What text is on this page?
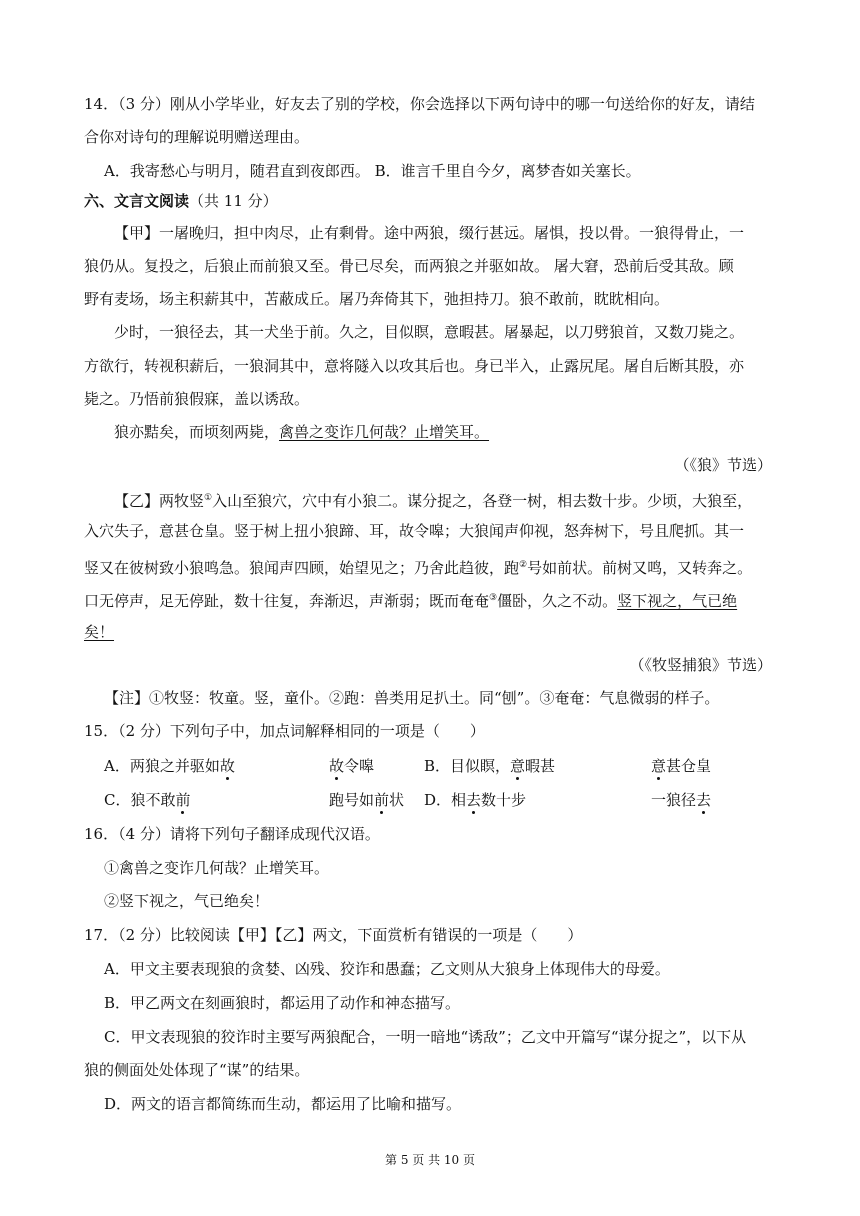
14．（3 分）刚从小学毕业，好友去了别的学校，你会选择以下两句诗中的哪一句送给你的好友，请结
合你对诗句的理解说明赠送理由。
A．我寄愁心与明月，随君直到夜郎西。 B．谁言千里自今夕，离梦杳如关塞长。
六、文言文阅读（共 11 分）
【甲】一屠晚归，担中肉尽，止有剩骨。途中两狼，缀行甚远。屠惧，投以骨。一狼得骨止，一
狼仍从。复投之，后狼止而前狼又至。骨已尽矣，而两狼之并驱如故。 屠大窘，恐前后受其敌。顾
野有麦场，场主积薪其中，苫蔽成丘。屠乃奔倚其下，弛担持刀。狼不敢前，眈眈相向。
少时，一狼径去，其一犬坐于前。久之，目似瞑，意暇甚。屠暴起，以刀劈狼首，又数刀毙之。
方欲行，转视积薪后，一狼洞其中，意将隧入以攻其后也。身已半入，止露尻尾。屠自后断其股，亦
毙之。乃悟前狼假寐，盖以诱敌。
狼亦黠矣，而顷刻两毙，禽兽之变诈几何哉？止增笑耳。
（《狼》节选）
【乙】两牧竖①入山至狼穴，穴中有小狼二。谋分捉之，各登一树，相去数十步。少顷，大狼至，
入穴失子，意甚仓皇。竖于树上扭小狼蹄、耳，故令嗥；大狼闻声仰视，怒奔树下，号且爬抓。其一
竖又在彼树致小狼鸣急。狼闻声四顾，始望见之；乃舍此趋彼，跑②号如前状。前树又鸣，又转奔之。
口无停声，足无停趾，数十往复，奔渐迟，声渐弱；既而奄奄③僵卧，久之不动。竖下视之，气已绝
矣！
（《牧竖捕狼》节选）
【注】①牧竖：牧童。竖，童仆。②跑：兽类用足扒土。同“刨”。③奄奄：气息微弱的样子。
15．（2 分）下列句子中，加点词解释相同的一项是（　　）
A．两狼之并驱如故	故令嗥	B．目似瞑，意暇甚	意甚仓皇
C．狼不敢前	跑号如前状 D．相去数十步	一狼径去
16．（4 分）请将下列句子翻译成现代汉语。
①禽兽之变诈几何哉？止增笑耳。
②竖下视之，气已绝矣！
17．（2 分）比较阅读【甲】【乙】两文，下面赏析有错误的一项是（　　）
A．甲文主要表现狼的贪婪、凶残、狡诈和愚蠢；乙文则从大狼身上体现伟大的母爱。
B．甲乙两文在刻画狼时，都运用了动作和神态描写。
C．甲文表现狼的狡诈时主要写两狼配合，一明一暗地“诱敌”；乙文中开篇写“谋分捉之”，以下从
狼的侧面处处体现了“谋”的结果。
D．两文的语言都简练而生动，都运用了比喻和描写。
第 5 页 共 10 页
